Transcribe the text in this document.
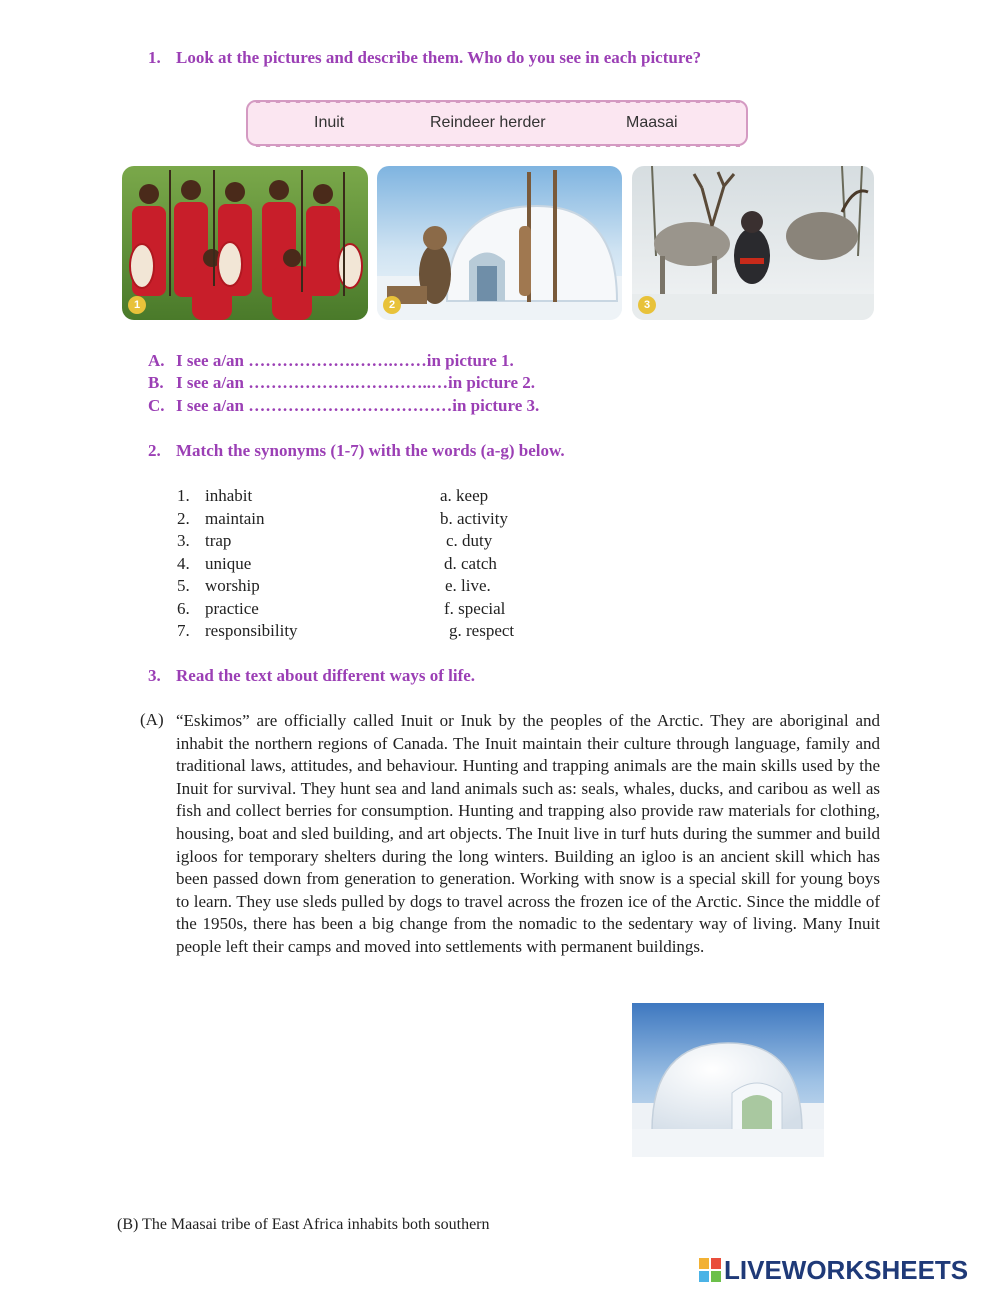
1. Look at the pictures and describe them. Who do you see in each picture?
Inuit	Reindeer herder	Maasai
1	2	3
A. I see a/an ……………….…….……in picture 1.
B. I see a/an ……………….…………..…in picture 2.
C. I see a/an ………………………………in picture 3.
2. Match the synonyms (1-7) with the words (a-g) below.
1. inhabit
2. maintain
3. trap
4. unique
5. worship
6. practice
7. responsibility
a. keep
b. activity
c. duty
d. catch
e. live.
f. special
g. respect
3. Read the text about different ways of life.
(A) “Eskimos” are officially called Inuit or Inuk by the peoples of the Arctic. They are aboriginal and inhabit the northern regions of Canada. The Inuit maintain their culture through language, family and traditional laws, attitudes, and behaviour. Hunting and trapping animals are the main skills used by the Inuit for survival. They hunt sea and land animals such as: seals, whales, ducks, and caribou as well as fish and collect berries for consumption. Hunting and trapping also provide raw materials for clothing, housing, boat and sled building, and art objects. The Inuit live in turf huts during the summer and build igloos for temporary shelters during the long winters. Building an igloo is an ancient skill which has been passed down from generation to generation. Working with snow is a special skill for young boys to learn. They use sleds pulled by dogs to travel across the frozen ice of the Arctic. Since the middle of the 1950s, there has been a big change from the nomadic to the sedentary way of living. Many Inuit people left their camps and moved into settlements with permanent buildings.
(B) The Maasai tribe of East Africa inhabits both southern
LIVEWORKSHEETS
